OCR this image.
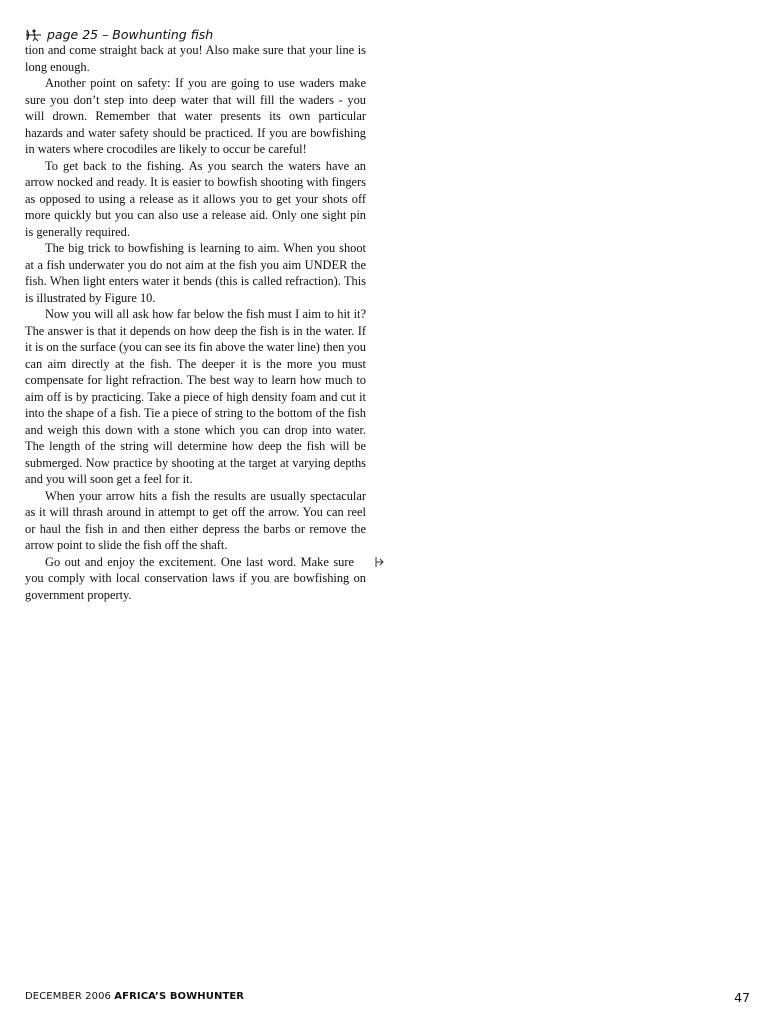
page 25 – Bowhunting fish

tion and come straight back at you! Also make sure that your line is long enough.

Another point on safety: If you are going to use waders make sure you don’t step into deep water that will fill the waders - you will drown. Remember that water presents its own particular hazards and water safety should be practiced. If you are bowfishing in waters where crocodiles are likely to occur be careful!

To get back to the fishing. As you search the waters have an arrow nocked and ready. It is easier to bowfish shooting with fingers as opposed to using a release as it allows you to get your shots off more quickly but you can also use a release aid. Only one sight pin is generally required.

The big trick to bowfishing is learning to aim. When you shoot at a fish underwater you do not aim at the fish you aim UNDER the fish. When light enters water it bends (this is called refraction). This is illustrated by Figure 10.

Now you will all ask how far below the fish must I aim to hit it? The answer is that it depends on how deep the fish is in the water. If it is on the surface (you can see its fin above the water line) then you can aim directly at the fish. The deeper it is the more you must compensate for light refraction. The best way to learn how much to aim off is by practicing. Take a piece of high density foam and cut it into the shape of a fish. Tie a piece of string to the bottom of the fish and weigh this down with a stone which you can drop into water. The length of the string will determine how deep the fish will be submerged. Now practice by shooting at the target at varying depths and you will soon get a feel for it.

When your arrow hits a fish the results are usually spectacular as it will thrash around in attempt to get off the arrow. You can reel or haul the fish in and then either depress the barbs or remove the arrow point to slide the fish off the shaft.

Go out and enjoy the excitement. One last word. Make sure you comply with local conservation laws if you are bowfishing on government property.

DECEMBER 2006 AFRICA’S BOWHUNTER	47
